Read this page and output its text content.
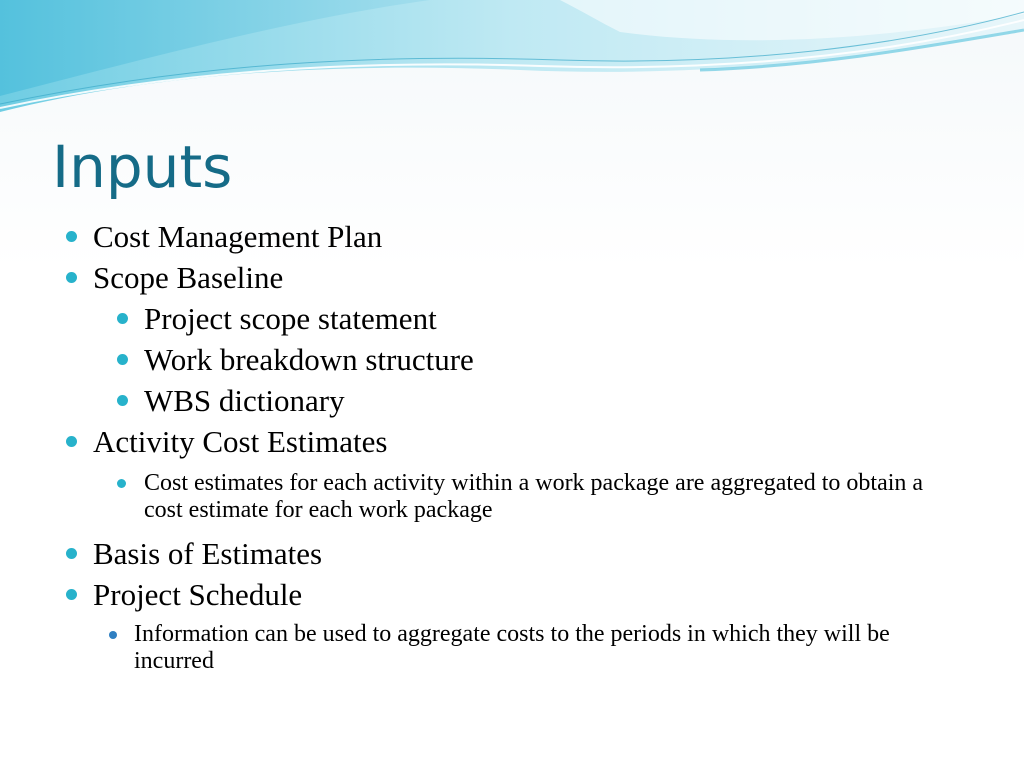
Inputs
Cost Management Plan
Scope Baseline
Project scope statement
Work breakdown structure
WBS dictionary
Activity Cost Estimates
Cost estimates for each activity within a work package are aggregated to obtain a cost estimate for each work package
Basis of Estimates
Project Schedule
Information can be used to aggregate costs to the periods in which they will be incurred
